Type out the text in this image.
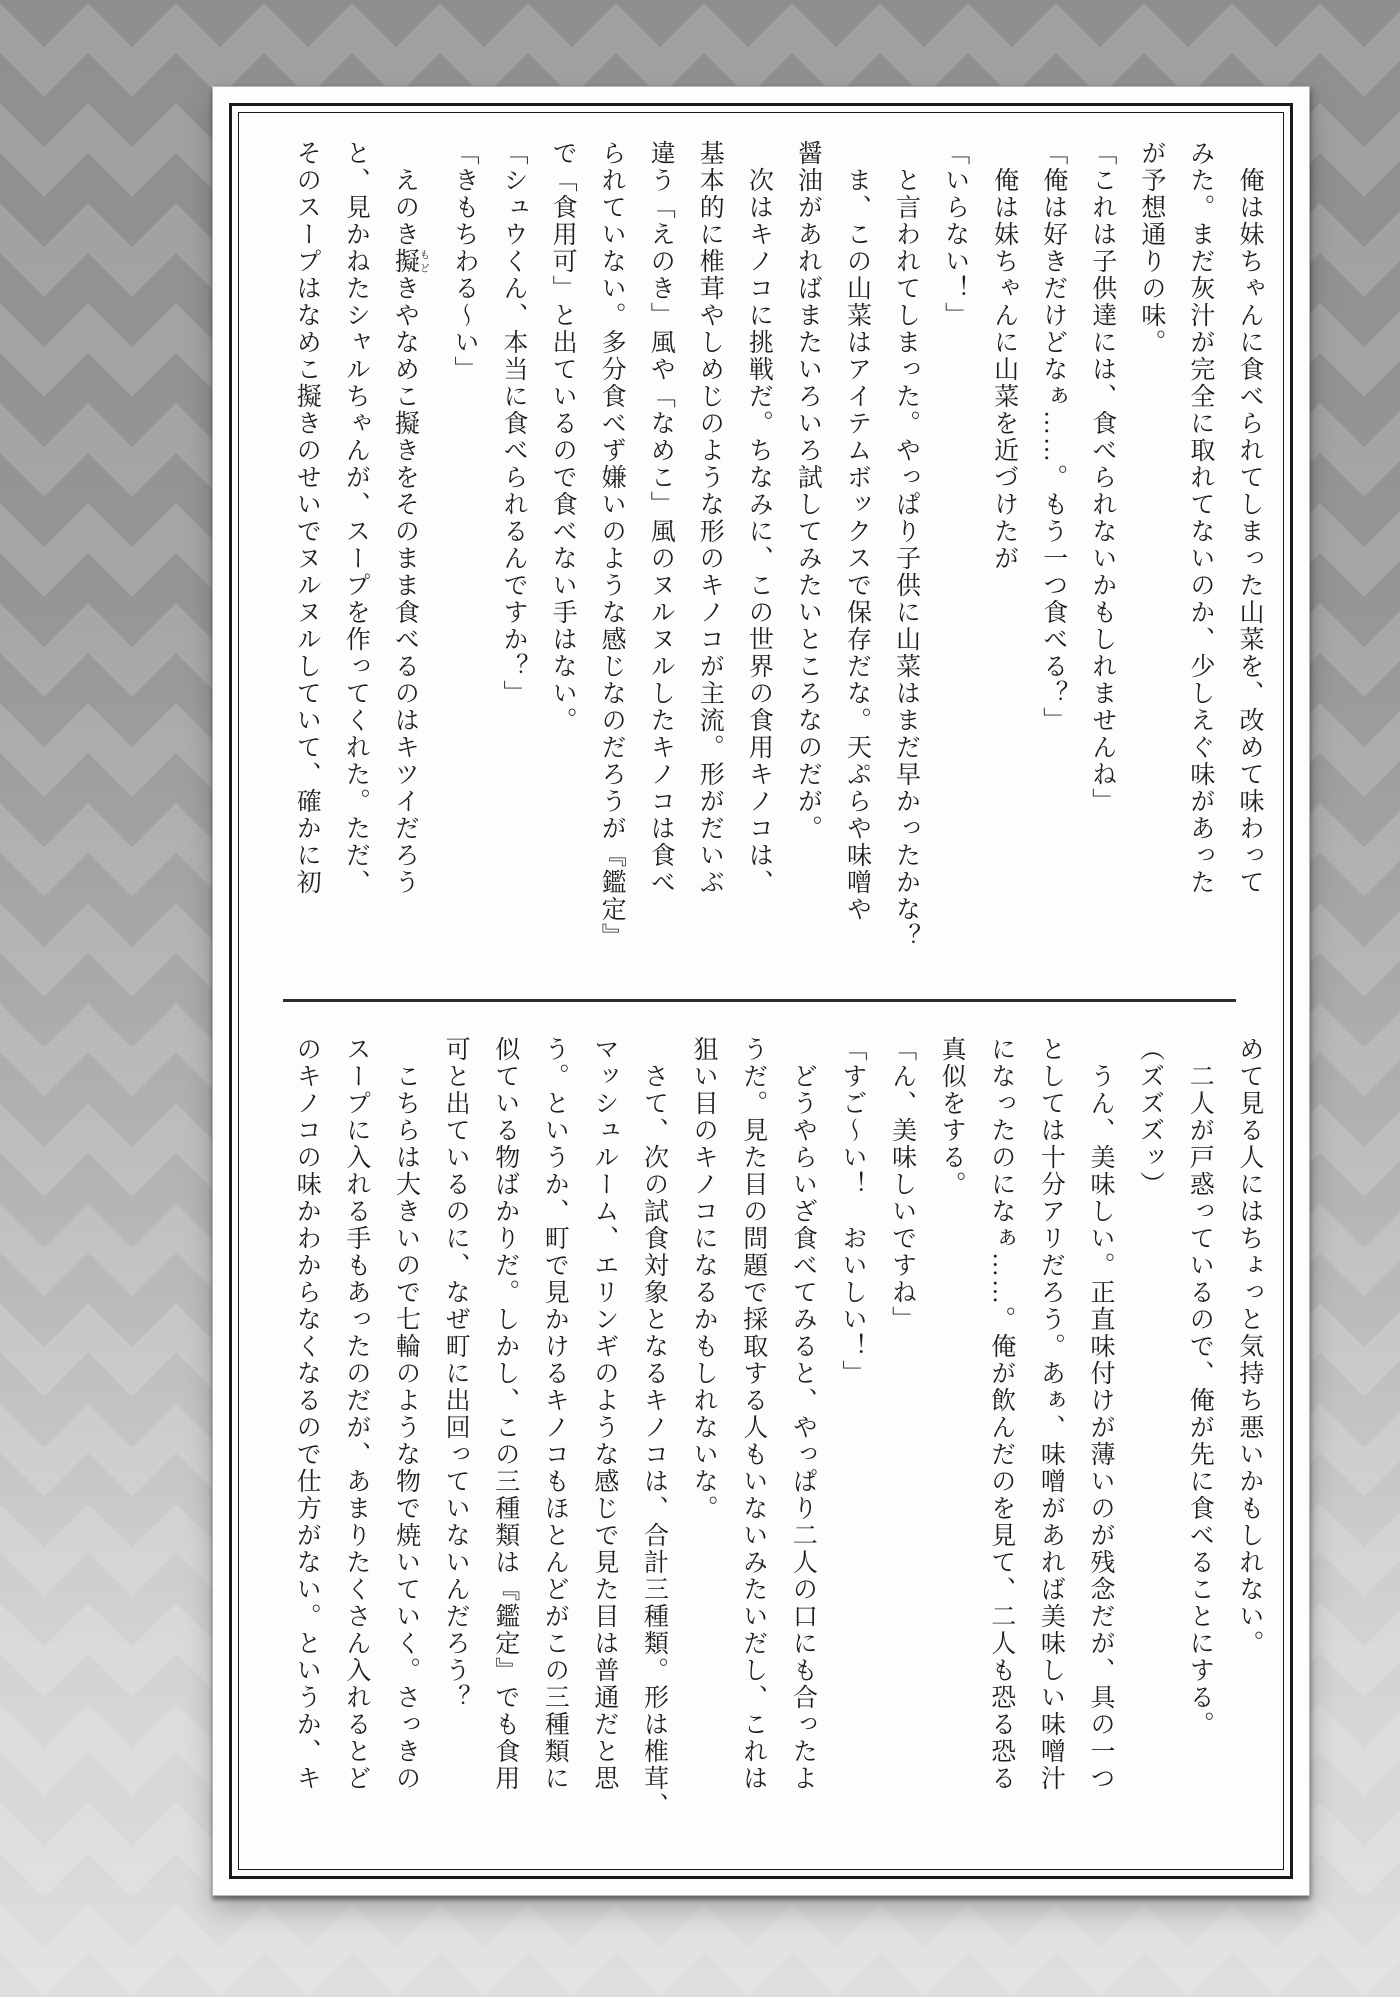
俺は妹ちゃんに食べられてしまった山菜を、改めて味わって
みた。まだ灰汁が完全に取れてないのか、少しえぐ味があった
が予想通りの味。
「これは子供達には、食べられないかもしれませんね」
「俺は好きだけどなぁ……。もう一つ食べる？」
俺は妹ちゃんに山菜を近づけたが
「いらない！」
と言われてしまった。やっぱり子供に山菜はまだ早かったかな？
ま、この山菜はアイテムボックスで保存だな。天ぷらや味噌や
醤油があればまたいろいろ試してみたいところなのだが。
次はキノコに挑戦だ。ちなみに、この世界の食用キノコは、
基本的に椎茸やしめじのような形のキノコが主流。形がだいぶ
違う「えのき」風や「なめこ」風のヌルヌルしたキノコは食べ
られていない。多分食べず嫌いのような感じなのだろうが『鑑定』
で「食用可」と出ているので食べない手はない。
「シュウくん、本当に食べられるんですか？」
「きもちわる〜い」
えのき擬 もどきやなめこ擬きをそのまま食べるのはキツイだろう
と、見かねたシャルちゃんが、スープを作ってくれた。ただ、
そのスープはなめこ擬きのせいでヌルヌルしていて、確かに初
めて見る人にはちょっと気持ち悪いかもしれない。
二人が戸惑っているので、俺が先に食べることにする。
（ズズズッ）
うん、美味しい。正直味付けが薄いのが残念だが、具の一つ
としては十分アリだろう。あぁ、味噌があれば美味しい味噌汁
になったのになぁ……。俺が飲んだのを見て、二人も恐る恐る
真似をする。
「ん、美味しいですね」
「すご〜い！　おいしい！」
どうやらいざ食べてみると、やっぱり二人の口にも合ったよ
うだ。見た目の問題で採取する人もいないみたいだし、これは
狙い目のキノコになるかもしれないな。
さて、次の試食対象となるキノコは、合計三種類。形は椎茸、
マッシュルーム、エリンギのような感じで見た目は普通だと思
う。というか、町で見かけるキノコもほとんどがこの三種類に
似ている物ばかりだ。しかし、この三種類は『鑑定』でも食用
可と出ているのに、なぜ町に出回っていないんだろう？
こちらは大きいので七輪のような物で焼いていく。さっきの
スープに入れる手もあったのだが、あまりたくさん入れるとど
のキノコの味かわからなくなるので仕方がない。というか、キ
